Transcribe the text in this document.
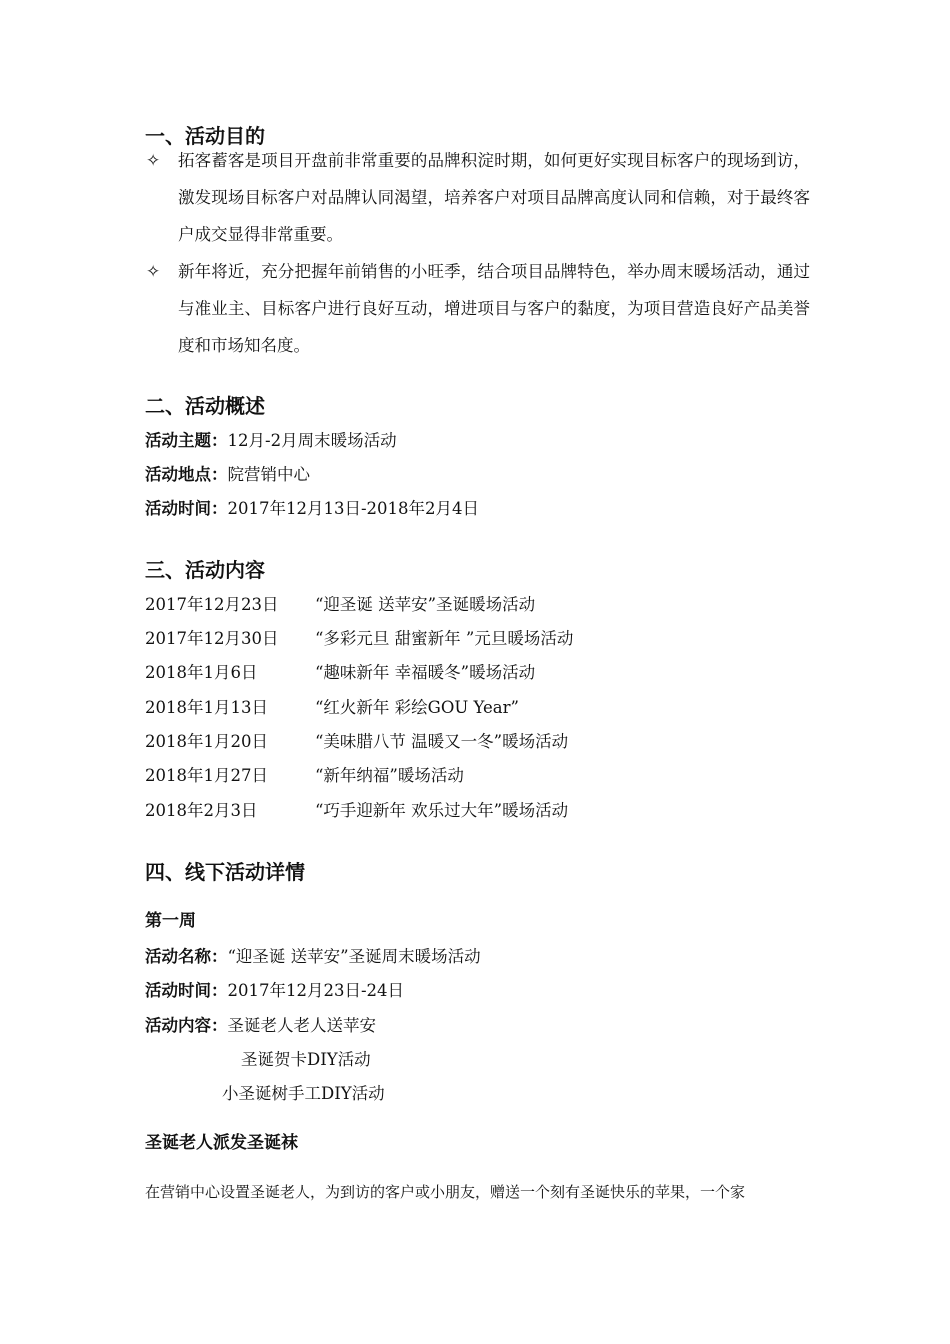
一、活动目的
✧ 拓客蓄客是项目开盘前非常重要的品牌积淀时期，如何更好实现目标客户的现场到访，激发现场目标客户对品牌认同渴望，培养客户对项目品牌高度认同和信赖，对于最终客户成交显得非常重要。
✧ 新年将近，充分把握年前销售的小旺季，结合项目品牌特色，举办周末暖场活动，通过 与准业主、目标客户进行良好互动，增进项目与客户的黏度，为项目营造良好产品美誉度和市场知名度。
二、活动概述
活动主题：12月-2月周末暖场活动
活动地点：院营销中心
活动时间：2017年12月13日-2018年2月4日
三、活动内容
2017年12月23日 “迎圣诞 送苹安”圣诞暖场活动
2017年12月30日 “多彩元旦 甜蜜新年 ”元旦暖场活动
2018年1月6日	“趣味新年 幸福暖冬”暖场活动
2018年1月13日	“红火新年 彩绘GOU Year”
2018年1月20日	“美味腊八节 温暖又一冬”暖场活动
2018年1月27日	“新年纳福”暖场活动
2018年2月3日	“巧手迎新年 欢乐过大年”暖场活动
四、线下活动详情
第一周
活动名称：“迎圣诞 送苹安”圣诞周末暖场活动
活动时间：2017年12月23日-24日
活动内容：圣诞老人老人送苹安
圣诞贺卡DIY活动
小圣诞树手工DIY活动
圣诞老人派发圣诞袜
在营销中心设置圣诞老人，为到访的客户或小朋友，赠送一个刻有圣诞快乐的苹果，一个家
